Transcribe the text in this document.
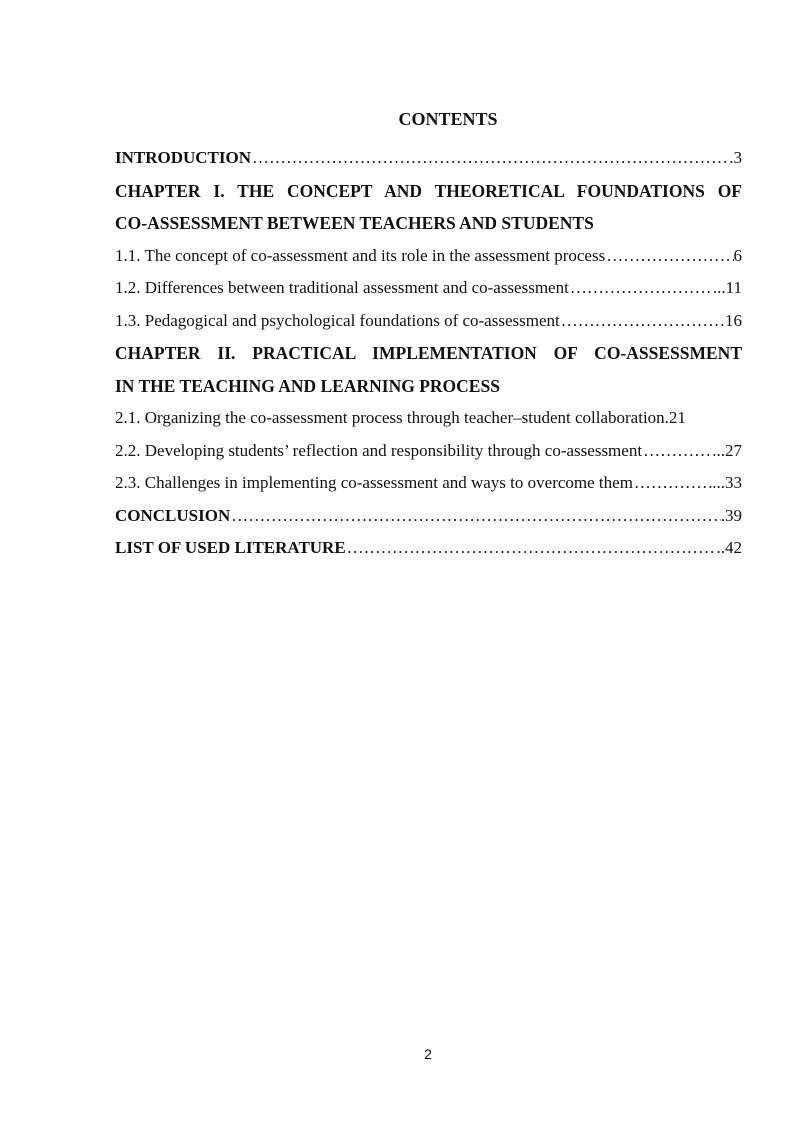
CONTENTS
INTRODUCTION ……………………………………………………………………………………………………………………………………	.3
CHAPTER I. THE CONCEPT AND THEORETICAL FOUNDATIONS OF
CO-ASSESSMENT BETWEEN TEACHERS AND STUDENTS
1.1. The concept of co-assessment and its role in the assessment process ……………………………………………………………………………………………………………………………………	6
1.2. Differences between traditional assessment and co-assessment ……………………………………………………………………………………………………………………………………	...11
1.3. Pedagogical and psychological foundations of co-assessment ……………………………………………………………………………………………………………………………………	16
CHAPTER II. PRACTICAL IMPLEMENTATION OF CO-ASSESSMENT
IN THE TEACHING AND LEARNING PROCESS
2.1. Organizing the co-assessment process through teacher–student collaboration. 21
2.2. Developing students’ reflection and responsibility through co-assessment ……………………………………………………………………………………………………………………………………	...27
2.3. Challenges in implementing co-assessment and ways to overcome them ……………………………………………………………………………………………………………………………………	...33
CONCLUSION ……………………………………………………………………………………………………………………………………	.39
LIST OF USED LITERATURE ……………………………………………………………………………………………………………………………………	..42
2
